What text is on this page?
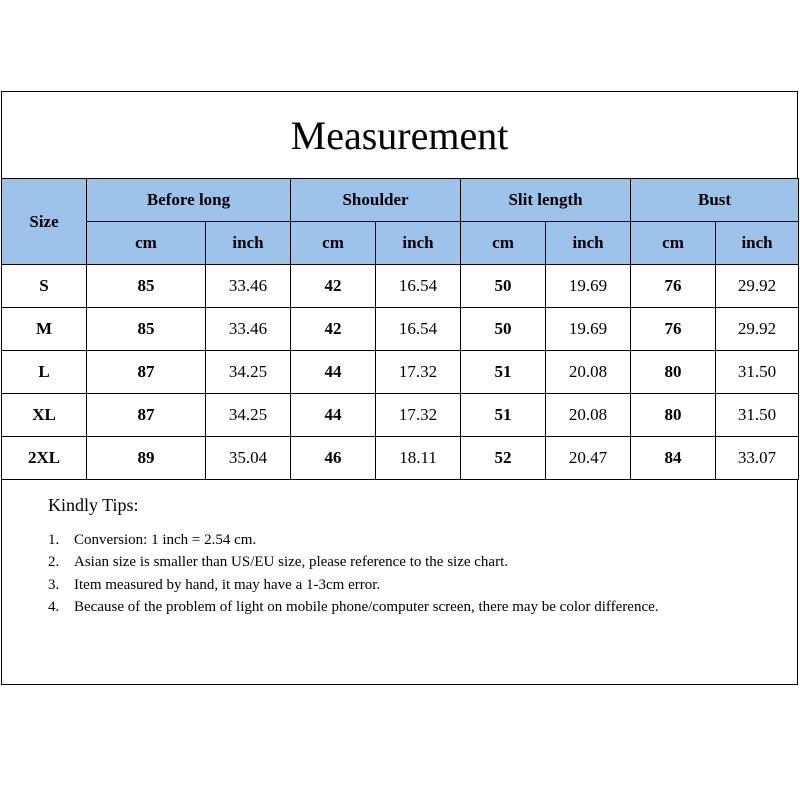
Measurement
Size	Before long		Shoulder		Slit length		Bust	
	cm	inch	cm	inch	cm	inch	cm	inch
S	85	33.46	42	16.54	50	19.69	76	29.92
M	85	33.46	42	16.54	50	19.69	76	29.92
L	87	34.25	44	17.32	51	20.08	80	31.50
XL	87	34.25	44	17.32	51	20.08	80	31.50
2XL	89	35.04	46	18.11	52	20.47	84	33.07
Kindly Tips:
1. Conversion: 1 inch = 2.54 cm.
2. Asian size is smaller than US/EU size, please reference to the size chart.
3. Item measured by hand, it may have a 1-3cm error.
4. Because of the problem of light on mobile phone/computer screen, there may be color difference.
